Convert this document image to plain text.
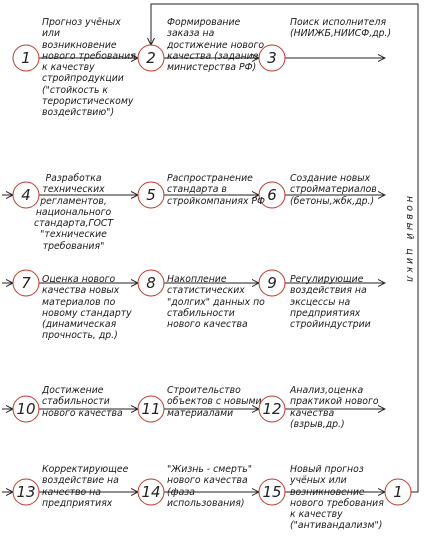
1	2	3
4	5	6
7	8	9
10	11	12
13	14	15	1
Прогноз учёных
или
возникновение
нового требования
к качеству
стройпродукции
("стойкость к
терористическому
воздействию")
Формирование
заказа на
достижение нового
качества (задание
министерства РФ)
Поиск исполнителя
(НИИЖБ,НИИСФ,др.)
Разработка
технических
регламентов,
национального
стандарта,ГОСТ
"технические
требования"
Распространение
стандарта в
стройкомпаниях РФ
Создание новых
стройматериалов
(бетоны,жбк,др.)
Оценка нового
качества новых
материалов по
новому стандарту
(динамическая
прочность, др.)
Накопление
статистических
"долгих" данных по
стабильности
нового качества
Регулирующие
воздействия на
эксцессы на
предприятиях
стройиндустрии
Достижение
стабильности
нового качества
Строительство
объектов с новыми
материалами
Анализ,оценка
практикой нового
качества
(взрыв,др.)
Корректирующее
воздействие на
качество на
предприятиях
"Жизнь - смерть"
нового качества
(фаза
использования)
Новый прогноз
учёных или
возникновение
нового требования
к качеству
("антивандализм")
новый цикл
